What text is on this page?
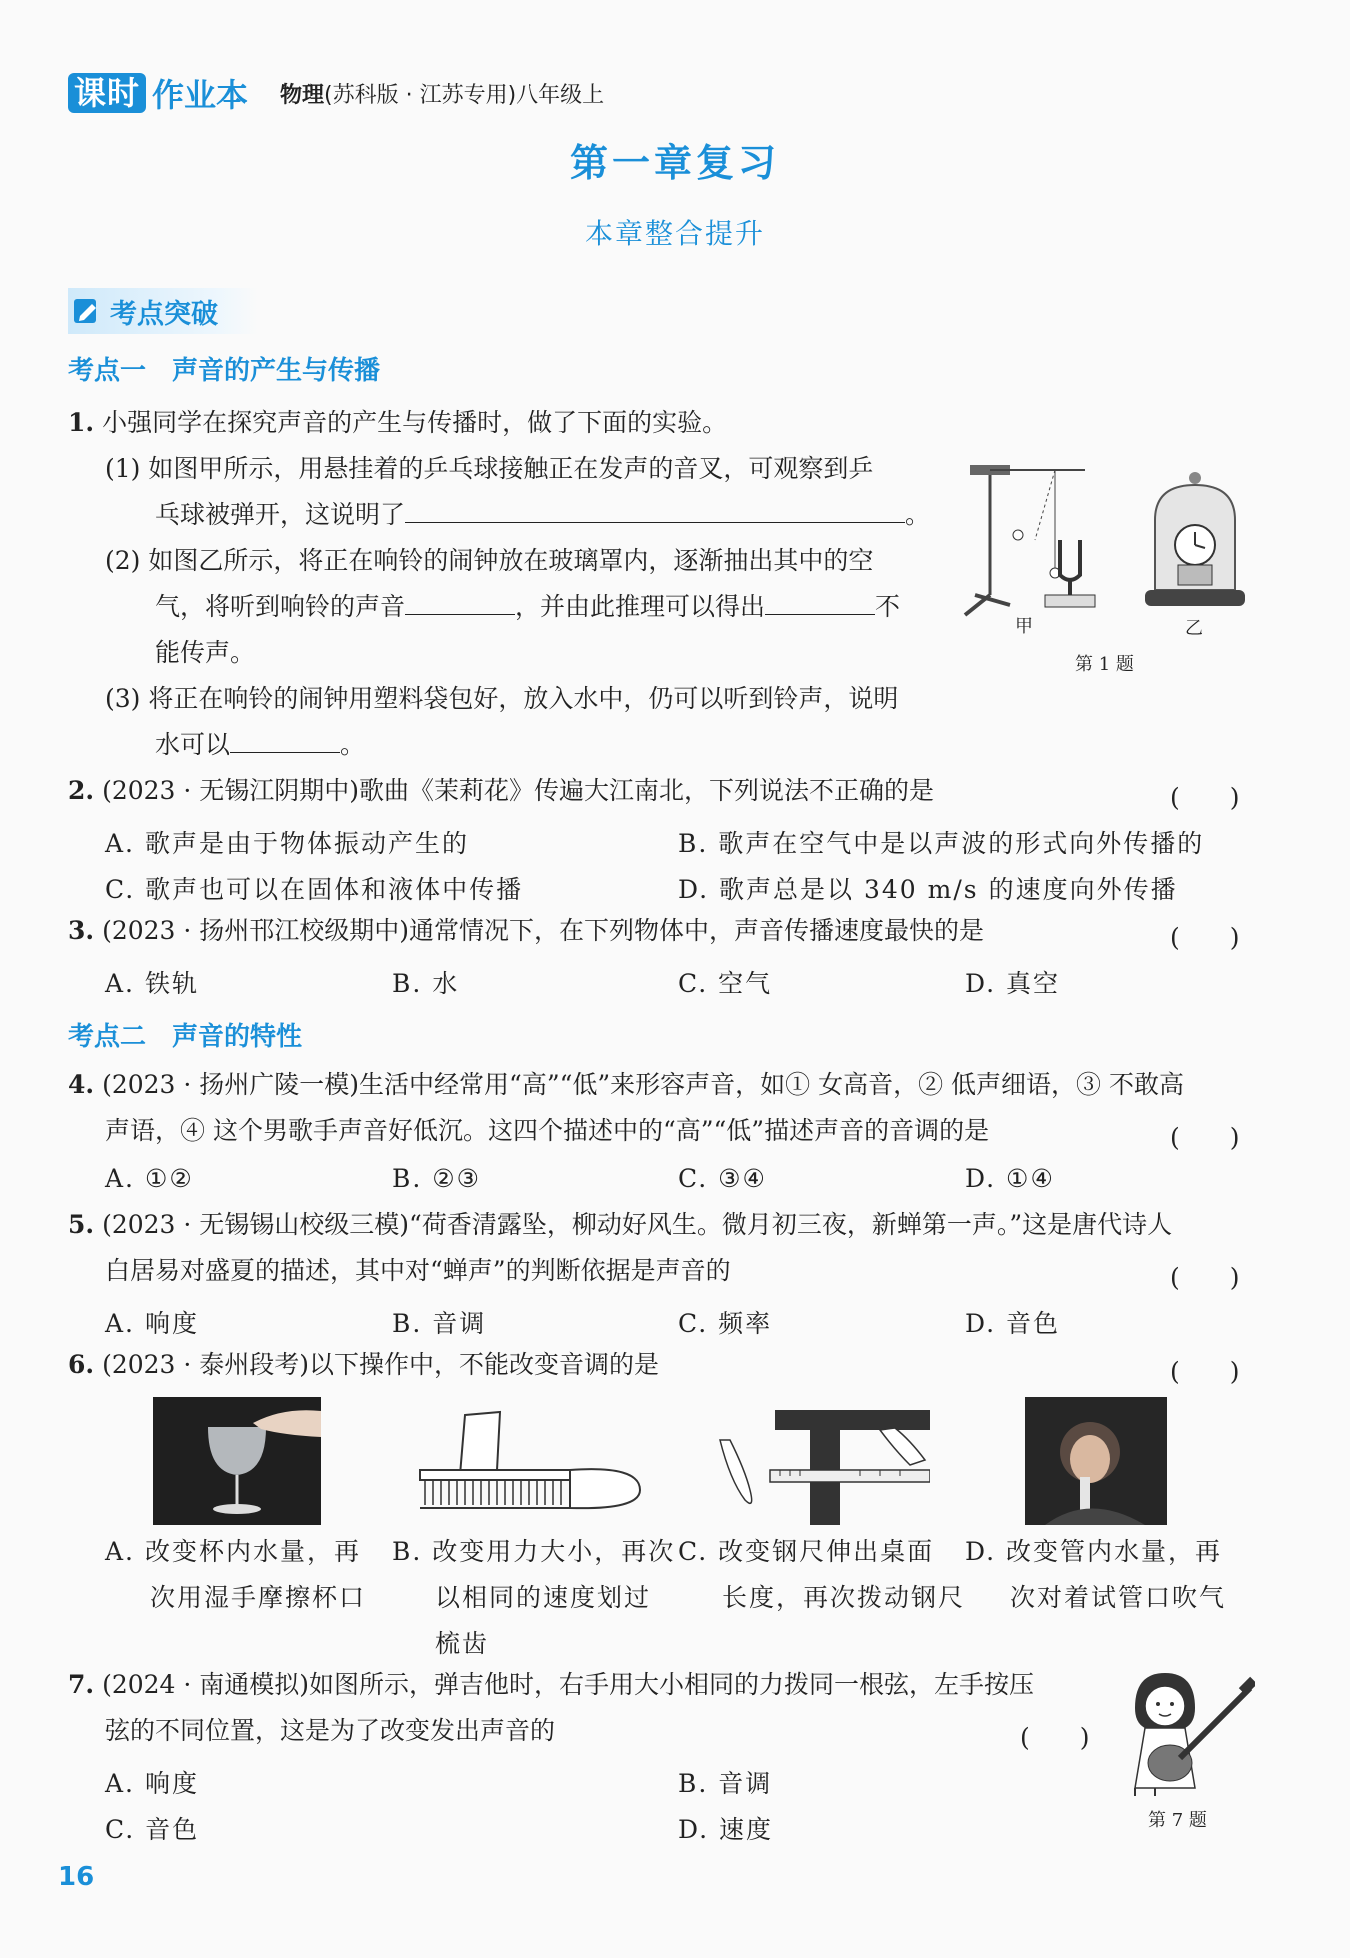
课时 作业本 物理(苏科版 · 江苏专用)八年级上
第一章复习
本章整合提升
考点突破
考点一　声音的产生与传播
1. 小强同学在探究声音的产生与传播时，做了下面的实验。
(1) 如图甲所示，用悬挂着的乒乓球接触正在发声的音叉，可观察到乒
乓球被弹开，这说明了	。
(2) 如图乙所示，将正在响铃的闹钟放在玻璃罩内，逐渐抽出其中的空
气，将听到响铃的声音	，并由此推理可以得出	不
能传声。
(3) 将正在响铃的闹钟用塑料袋包好，放入水中，仍可以听到铃声，说明
水可以	。
甲	乙
第 1 题
2. (2023 · 无锡江阴期中)歌曲《茉莉花》传遍大江南北，下列说法不正确的是	(　　)
A. 歌声是由于物体振动产生的	B. 歌声在空气中是以声波的形式向外传播的
C. 歌声也可以在固体和液体中传播	D. 歌声总是以 340 m/s 的速度向外传播
3. (2023 · 扬州邗江校级期中)通常情况下，在下列物体中，声音传播速度最快的是	(　　)
A. 铁轨	B. 水	C. 空气	D. 真空
考点二　声音的特性
4. (2023 · 扬州广陵一模)生活中经常用“高”“低”来形容声音，如① 女高音，② 低声细语，③ 不敢高
声语，④ 这个男歌手声音好低沉。这四个描述中的“高”“低”描述声音的音调的是	(　　)
A. ①②	B. ②③	C. ③④	D. ①④
5. (2023 · 无锡锡山校级三模)“荷香清露坠，柳动好风生。微月初三夜，新蝉第一声。”这是唐代诗人
白居易对盛夏的描述，其中对“蝉声”的判断依据是声音的	(　　)
A. 响度	B. 音调	C. 频率	D. 音色
6. (2023 · 泰州段考)以下操作中，不能改变音调的是	(　　)
A. 改变杯内水量，再
次用湿手摩擦杯口
B. 改变用力大小，再次
以相同的速度划过
梳齿
C. 改变钢尺伸出桌面
长度，再次拨动钢尺
D. 改变管内水量，再
次对着试管口吹气
7. (2024 · 南通模拟)如图所示，弹吉他时，右手用大小相同的力拨同一根弦，左手按压
弦的不同位置，这是为了改变发出声音的	(　　)
A. 响度	B. 音调
C. 音色	D. 速度	第 7 题
16
